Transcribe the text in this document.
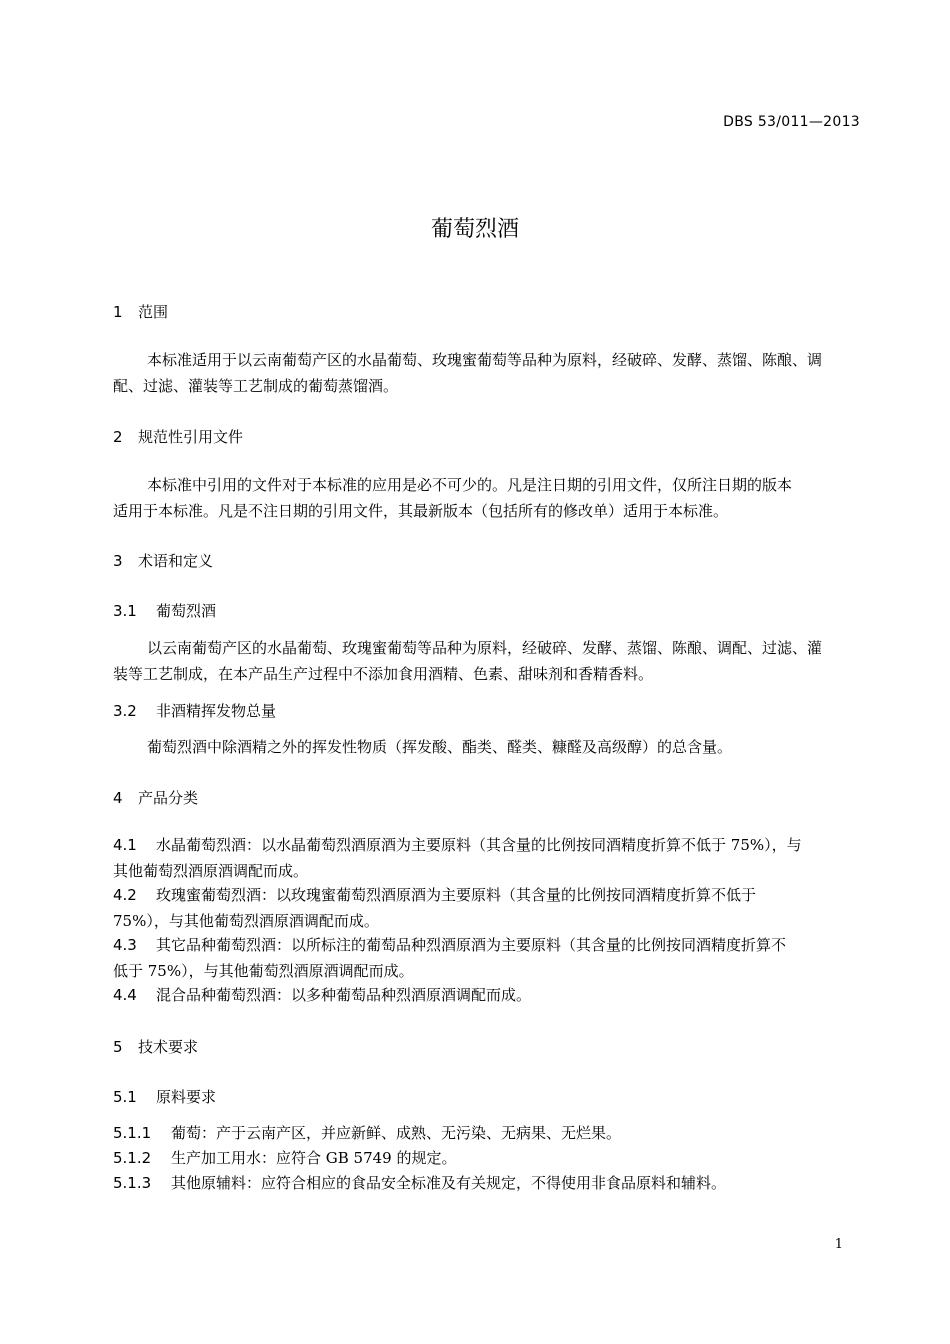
DBS 53/011—2013
葡萄烈酒
1 范围
本标准适用于以云南葡萄产区的水晶葡萄、玫瑰蜜葡萄等品种为原料，经破碎、发酵、蒸馏、陈酿、调
配、过滤、灌装等工艺制成的葡萄蒸馏酒。
2 规范性引用文件
本标准中引用的文件对于本标准的应用是必不可少的。凡是注日期的引用文件，仅所注日期的版本
适用于本标准。凡是不注日期的引用文件，其最新版本（包括所有的修改单）适用于本标准。
3 术语和定义
3.1 葡萄烈酒
以云南葡萄产区的水晶葡萄、玫瑰蜜葡萄等品种为原料，经破碎、发酵、蒸馏、陈酿、调配、过滤、灌
装等工艺制成，在本产品生产过程中不添加食用酒精、色素、甜味剂和香精香料。
3.2 非酒精挥发物总量
葡萄烈酒中除酒精之外的挥发性物质（挥发酸、酯类、醛类、糠醛及高级醇）的总含量。
4 产品分类
4.1 水晶葡萄烈酒：以水晶葡萄烈酒原酒为主要原料（其含量的比例按同酒精度折算不低于 75%），与
其他葡萄烈酒原酒调配而成。
4.2 玫瑰蜜葡萄烈酒：以玫瑰蜜葡萄烈酒原酒为主要原料（其含量的比例按同酒精度折算不低于
75%），与其他葡萄烈酒原酒调配而成。
4.3 其它品种葡萄烈酒：以所标注的葡萄品种烈酒原酒为主要原料（其含量的比例按同酒精度折算不
低于 75%），与其他葡萄烈酒原酒调配而成。
4.4 混合品种葡萄烈酒：以多种葡萄品种烈酒原酒调配而成。
5 技术要求
5.1 原料要求
5.1.1 葡萄：产于云南产区，并应新鲜、成熟、无污染、无病果、无烂果。
5.1.2 生产加工用水：应符合 GB 5749 的规定。
5.1.3 其他原辅料：应符合相应的食品安全标准及有关规定，不得使用非食品原料和辅料。
1
